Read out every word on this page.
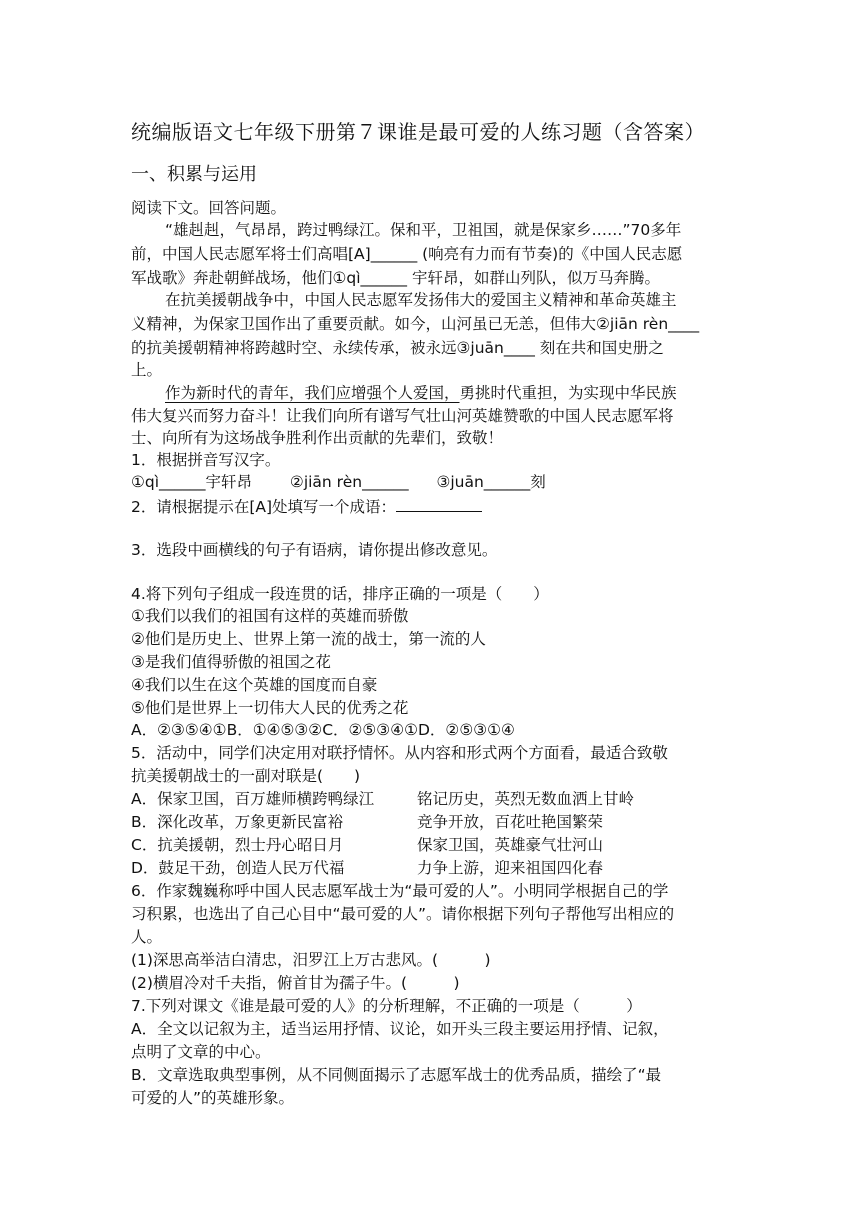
统编版语文七年级下册第７课谁是最可爱的人练习题（含答案）
一、积累与运用
阅读下文。回答问题。
“雄赳赳，气昂昂，跨过鸭绿江。保和平，卫祖国，就是保家乡……”70多年
前，中国人民志愿军将士们高唱[A]______ (响亮有力而有节奏)的《中国人民志愿
军战歌》奔赴朝鲜战场，他们①qì______ 宇轩昂，如群山列队，似万马奔腾。
在抗美援朝战争中，中国人民志愿军发扬伟大的爱国主义精神和革命英雄主
义精神，为保家卫国作出了重要贡献。如今，山河虽已无恙，但伟大②jiān rèn____
的抗美援朝精神将跨越时空、永续传承，被永远③juān____ 刻在共和国史册之
上。
作为新时代的青年，我们应增强个人爱国，勇挑时代重担，为实现中华民族
伟大复兴而努力奋斗！让我们向所有谱写气壮山河英雄赞歌的中国人民志愿军将
士、向所有为这场战争胜利作出贡献的先辈们，致敬！
1．根据拼音写汉字。
①qì______宇轩昂 ②jiān rèn______ ③juān______刻
2．请根据提示在[A]处填写一个成语：
3．选段中画横线的句子有语病，请你提出修改意见。
4.将下列句子组成一段连贯的话，排序正确的一项是（　　）
①我们以我们的祖国有这样的英雄而骄傲
②他们是历史上、世界上第一流的战士，第一流的人
③是我们值得骄傲的祖国之花
④我们以生在这个英雄的国度而自豪
⑤他们是世界上一切伟大人民的优秀之花
A．②③⑤④①B．①④⑤③②C．②⑤③④①D．②⑤③①④
5．活动中，同学们决定用对联抒情怀。从内容和形式两个方面看，最适合致敬
抗美援朝战士的一副对联是(　　)
A．保家卫国，百万雄师横跨鸭绿江	铭记历史，英烈无数血洒上甘岭
B．深化改革，万象更新民富裕	竞争开放，百花吐艳国繁荣
C．抗美援朝，烈士丹心昭日月	保家卫国，英雄豪气壮河山
D．鼓足干劲，创造人民万代福	力争上游，迎来祖国四化春
6．作家魏巍称呼中国人民志愿军战士为“最可爱的人”。小明同学根据自己的学
习积累，也选出了自己心目中“最可爱的人”。请你根据下列句子帮他写出相应的
人。
(1)深思高举洁白清忠，汨罗江上万古悲风。(　　　)
(2)横眉冷对千夫指，俯首甘为孺子牛。(　　　)
7.下列对课文《谁是最可爱的人》的分析理解，不正确的一项是（　　　）
A．全文以记叙为主，适当运用抒情、议论，如开头三段主要运用抒情、记叙，
点明了文章的中心。
B．文章选取典型事例，从不同侧面揭示了志愿军战士的优秀品质，描绘了“最
可爱的人”的英雄形象。
